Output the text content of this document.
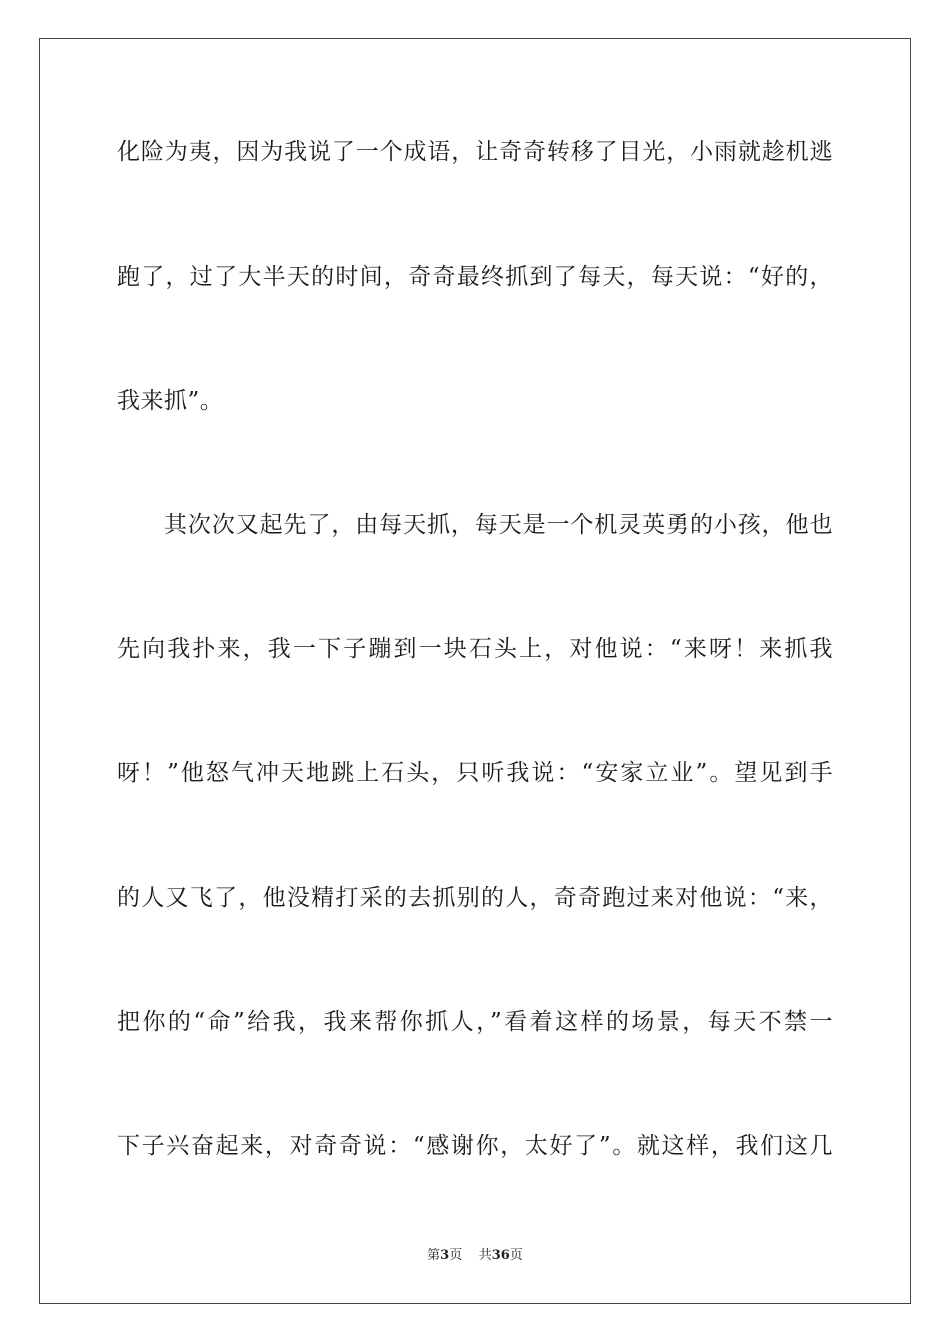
化险为夷，因为我说了一个成语，让奇奇转移了目光，小雨就趁机逃
跑了，过了大半天的时间，奇奇最终抓到了每天，每天说：“好的，
我来抓”。
其次次又起先了，由每天抓，每天是一个机灵英勇的小孩，他也
先向我扑来，我一下子蹦到一块石头上，对他说：“来呀！来抓我
呀！”他怒气冲天地跳上石头，只听我说：“安家立业”。望见到手
的人又飞了，他没精打采的去抓别的人，奇奇跑过来对他说：“来，
把你的“命”给我，我来帮你抓人，”看着这样的场景，每天不禁一
下子兴奋起来，对奇奇说：“感谢你，太好了”。就这样，我们这几
第3页 共36页
